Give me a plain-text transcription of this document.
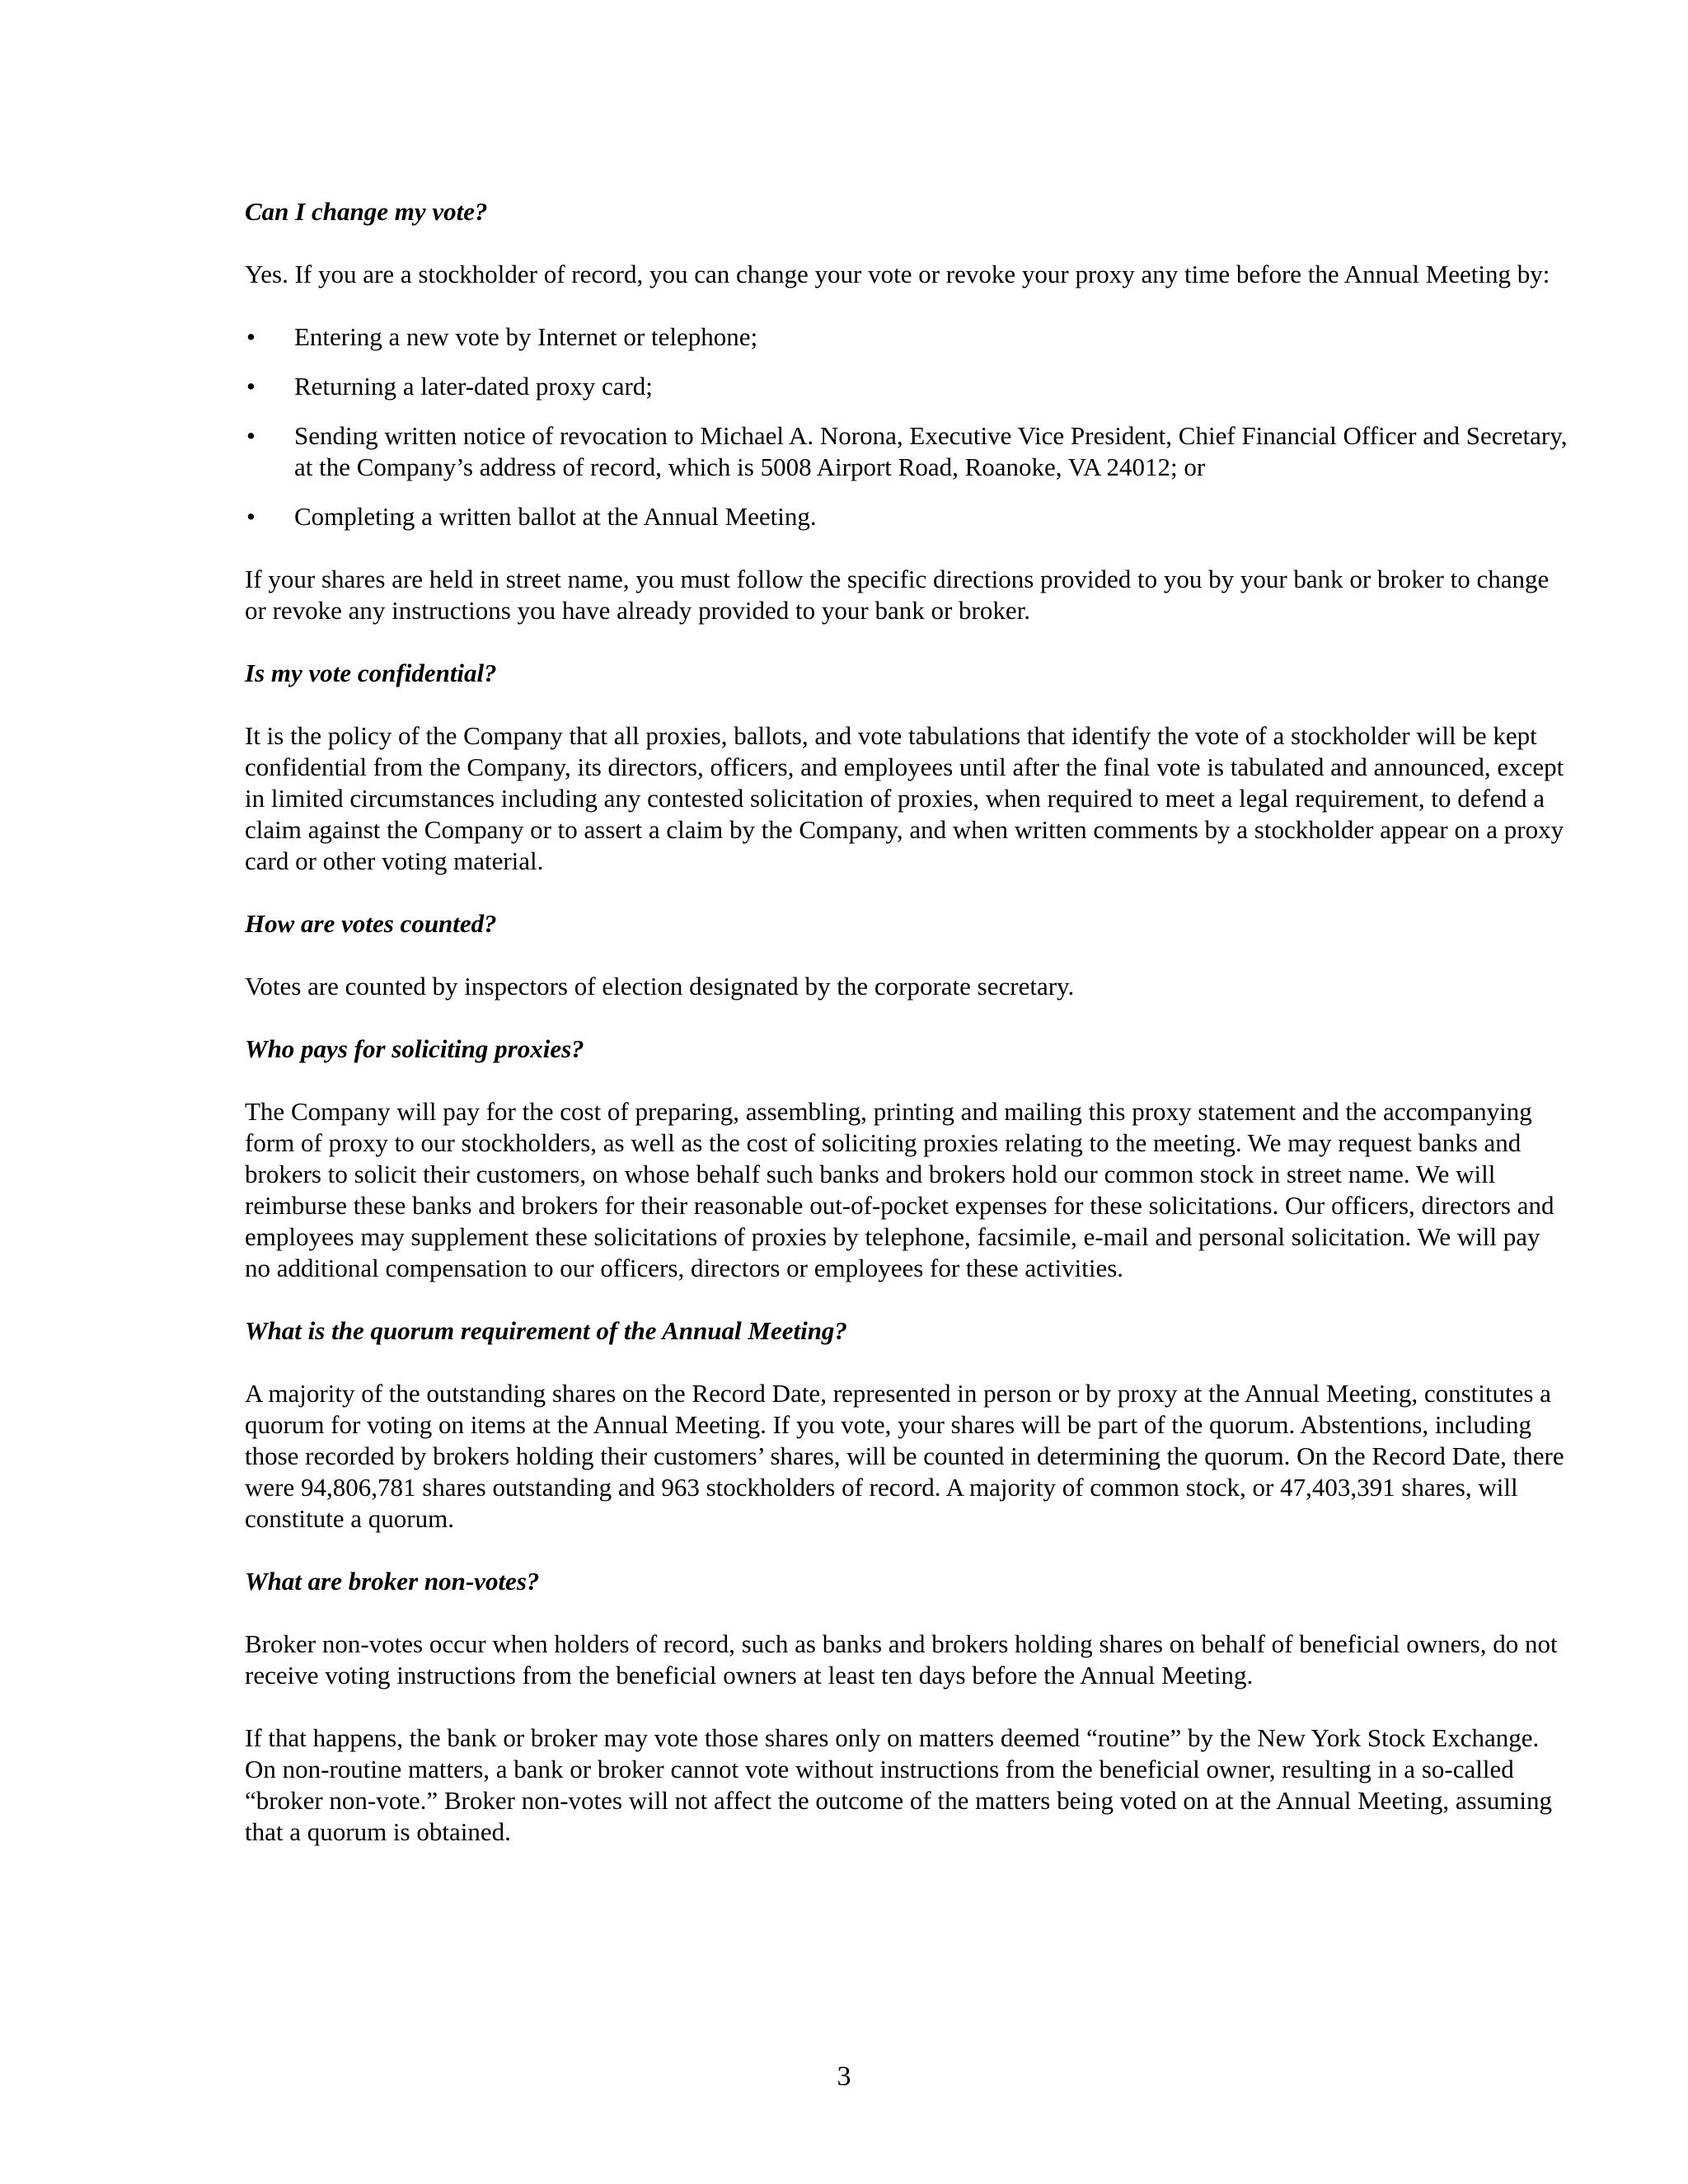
Can I change my vote?
Yes. If you are a stockholder of record, you can change your vote or revoke your proxy any time before the Annual Meeting by:
• Entering a new vote by Internet or telephone;
• Returning a later-dated proxy card;
• Sending written notice of revocation to Michael A. Norona, Executive Vice President, Chief Financial Officer and Secretary, at the Company’s address of record, which is 5008 Airport Road, Roanoke, VA 24012; or
• Completing a written ballot at the Annual Meeting.
If your shares are held in street name, you must follow the specific directions provided to you by your bank or broker to change or revoke any instructions you have already provided to your bank or broker.
Is my vote confidential?
It is the policy of the Company that all proxies, ballots, and vote tabulations that identify the vote of a stockholder will be kept confidential from the Company, its directors, officers, and employees until after the final vote is tabulated and announced, except in limited circumstances including any contested solicitation of proxies, when required to meet a legal requirement, to defend a claim against the Company or to assert a claim by the Company, and when written comments by a stockholder appear on a proxy card or other voting material.
How are votes counted?
Votes are counted by inspectors of election designated by the corporate secretary.
Who pays for soliciting proxies?
The Company will pay for the cost of preparing, assembling, printing and mailing this proxy statement and the accompanying form of proxy to our stockholders, as well as the cost of soliciting proxies relating to the meeting. We may request banks and brokers to solicit their customers, on whose behalf such banks and brokers hold our common stock in street name. We will reimburse these banks and brokers for their reasonable out-of-pocket expenses for these solicitations. Our officers, directors and employees may supplement these solicitations of proxies by telephone, facsimile, e-mail and personal solicitation. We will pay no additional compensation to our officers, directors or employees for these activities.
What is the quorum requirement of the Annual Meeting?
A majority of the outstanding shares on the Record Date, represented in person or by proxy at the Annual Meeting, constitutes a quorum for voting on items at the Annual Meeting. If you vote, your shares will be part of the quorum. Abstentions, including those recorded by brokers holding their customers’ shares, will be counted in determining the quorum. On the Record Date, there were 94,806,781 shares outstanding and 963 stockholders of record. A majority of common stock, or 47,403,391 shares, will constitute a quorum.
What are broker non-votes?
Broker non-votes occur when holders of record, such as banks and brokers holding shares on behalf of beneficial owners, do not receive voting instructions from the beneficial owners at least ten days before the Annual Meeting.
If that happens, the bank or broker may vote those shares only on matters deemed “routine” by the New York Stock Exchange. On non-routine matters, a bank or broker cannot vote without instructions from the beneficial owner, resulting in a so-called “broker non-vote.” Broker non-votes will not affect the outcome of the matters being voted on at the Annual Meeting, assuming that a quorum is obtained.
3
